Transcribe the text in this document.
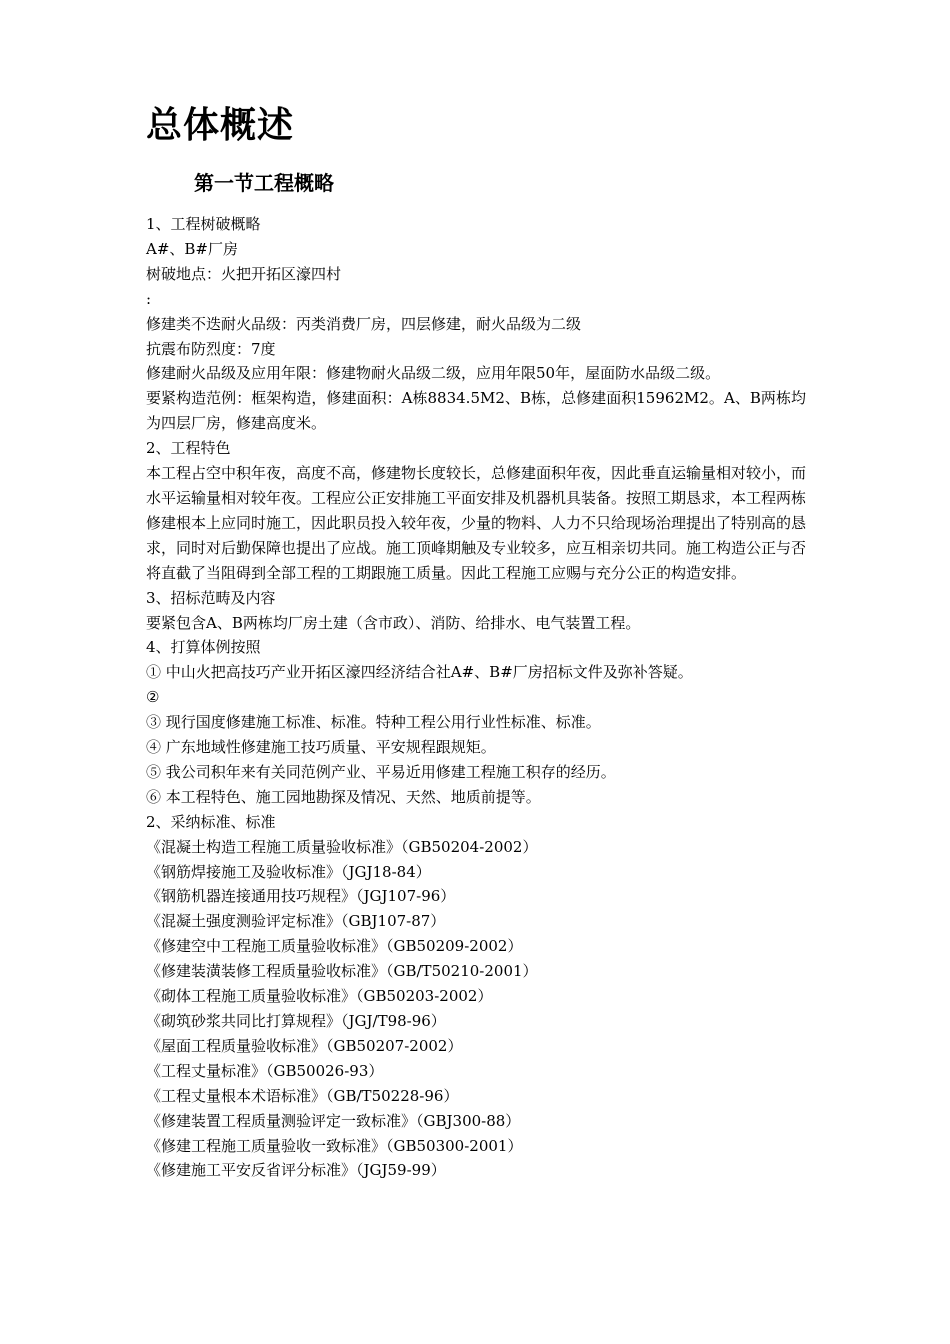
总体概述
第一节工程概略
1、工程树破概略
A#、B#厂房
树破地点：火把开拓区濠四村
:
修建类不迭耐火品级：丙类消费厂房，四层修建，耐火品级为二级
抗震布防烈度：7度
修建耐火品级及应用年限：修建物耐火品级二级，应用年限50年，屋面防水品级二级。
要紧构造范例：框架构造，修建面积：A栋8834.5M2、B栋，总修建面积15962M2。A、B两栋均为四层厂房，修建高度米。
2、工程特色
本工程占空中积年夜，高度不高，修建物长度较长，总修建面积年夜，因此垂直运输量相对较小，而水平运输量相对较年夜。工程应公正安排施工平面安排及机器机具装备。按照工期恳求，本工程两栋修建根本上应同时施工，因此职员投入较年夜，少量的物料、人力不只给现场治理提出了特别高的恳求，同时对后勤保障也提出了应战。施工顶峰期触及专业较多，应互相亲切共同。施工构造公正与否将直截了当阻碍到全部工程的工期跟施工质量。因此工程施工应赐与充分公正的构造安排。
3、招标范畴及内容
要紧包含A、B两栋均厂房土建（含市政）、消防、给排水、电气装置工程。
4、打算体例按照
① 中山火把高技巧产业开拓区濠四经济结合社A#、B#厂房招标文件及弥补答疑。
②
③ 现行国度修建施工标准、标准。特种工程公用行业性标准、标准。
④ 广东地域性修建施工技巧质量、平安规程跟规矩。
⑤ 我公司积年来有关同范例产业、平易近用修建工程施工积存的经历。
⑥ 本工程特色、施工园地勘探及情况、天然、地质前提等。
2、采纳标准、标准
《混凝土构造工程施工质量验收标准》（GB50204-2002）
《钢筋焊接施工及验收标准》（JGJ18-84）
《钢筋机器连接通用技巧规程》（JGJ107-96）
《混凝土强度测验评定标准》（GBJ107-87）
《修建空中工程施工质量验收标准》（GB50209-2002）
《修建装潢装修工程质量验收标准》（GB/T50210-2001）
《砌体工程施工质量验收标准》（GB50203-2002）
《砌筑砂浆共同比打算规程》（JGJ/T98-96）
《屋面工程质量验收标准》（GB50207-2002）
《工程丈量标准》（GB50026-93）
《工程丈量根本术语标准》（GB/T50228-96）
《修建装置工程质量测验评定一致标准》（GBJ300-88）
《修建工程施工质量验收一致标准》（GB50300-2001）
《修建施工平安反省评分标准》（JGJ59-99）
